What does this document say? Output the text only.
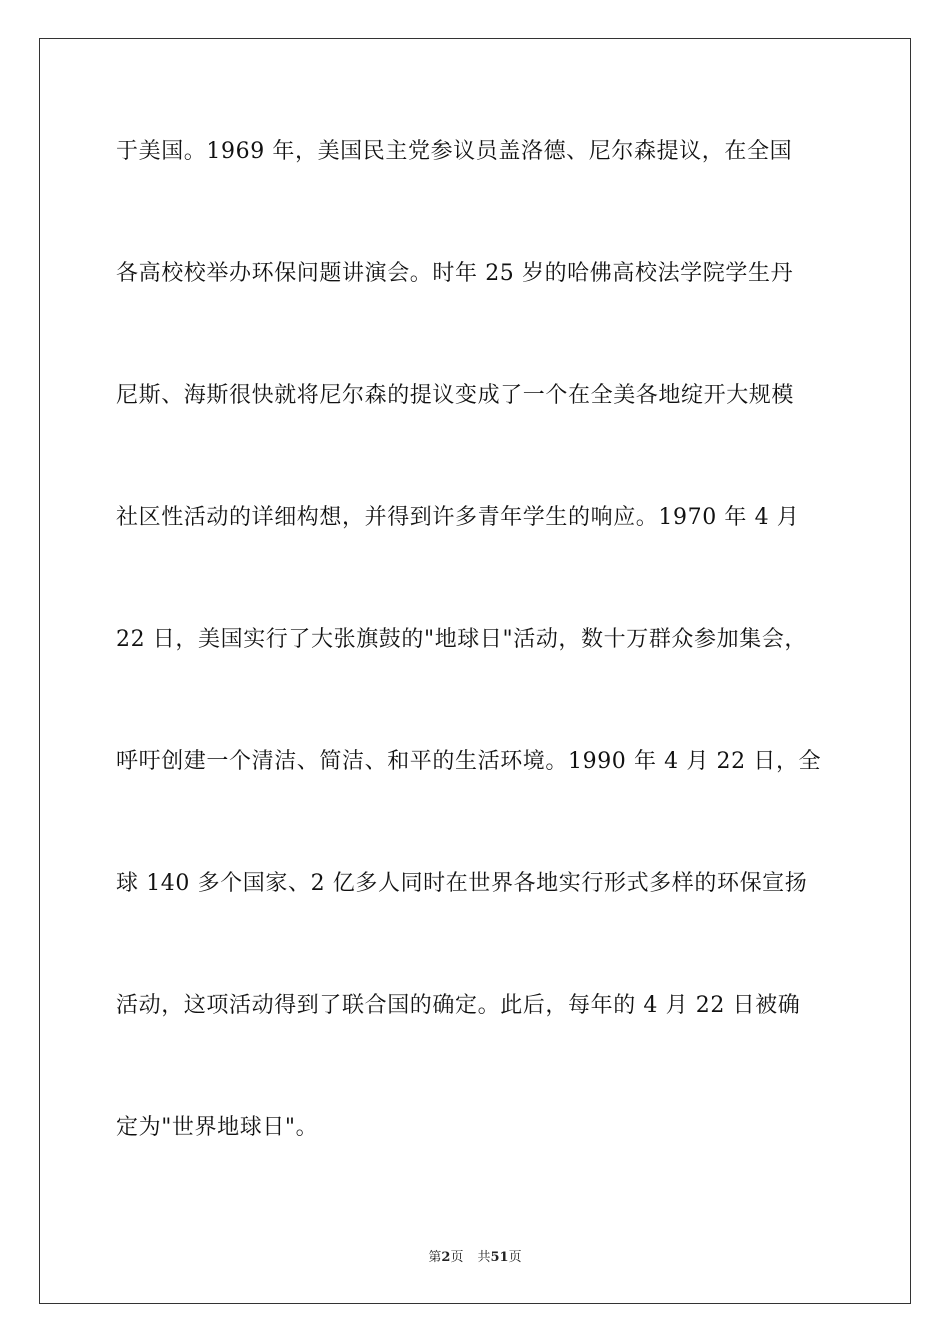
于美国。1969 年，美国民主党参议员盖洛德、尼尔森提议，在全国
各高校校举办环保问题讲演会。时年 25 岁的哈佛高校法学院学生丹
尼斯、海斯很快就将尼尔森的提议变成了一个在全美各地绽开大规模
社区性活动的详细构想，并得到许多青年学生的响应。1970 年 4 月
22 日，美国实行了大张旗鼓的"地球日"活动，数十万群众参加集会，
呼吁创建一个清洁、简洁、和平的生活环境。1990 年 4 月 22 日，全
球 140 多个国家、2 亿多人同时在世界各地实行形式多样的环保宣扬
活动，这项活动得到了联合国的确定。此后，每年的 4 月 22 日被确
定为"世界地球日"。
第2页 共51页
